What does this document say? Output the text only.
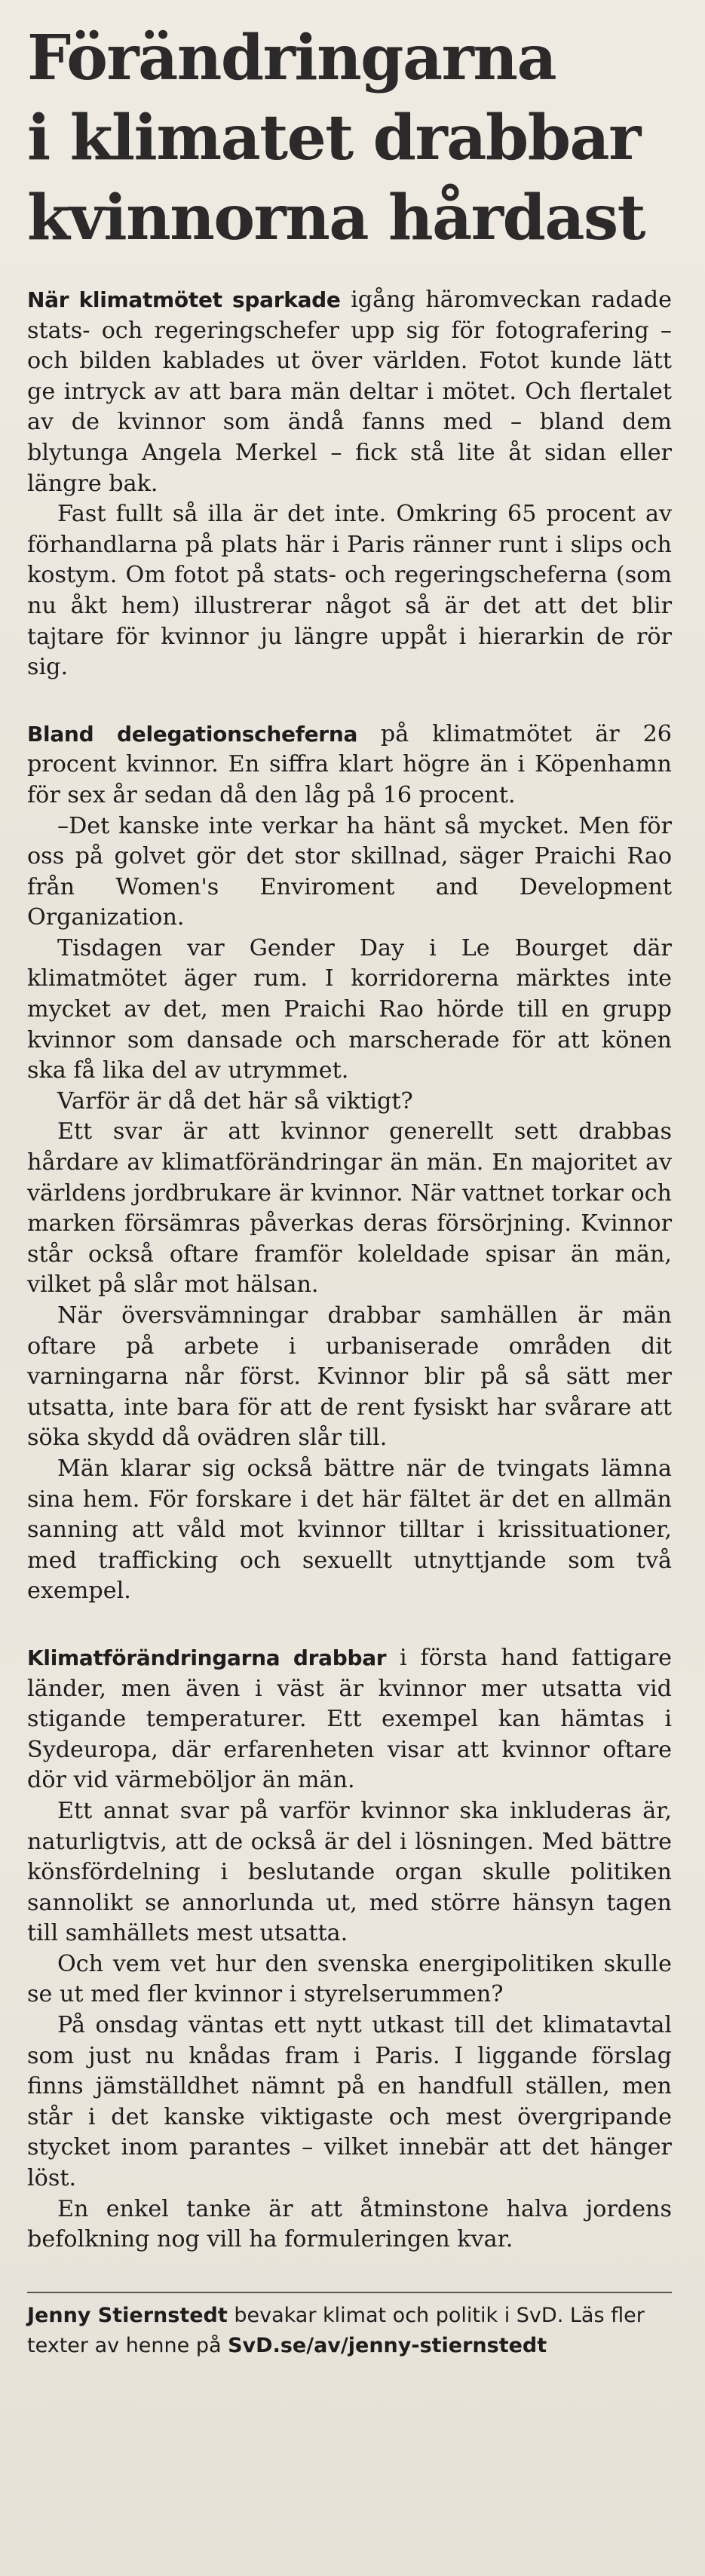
Förändringarna
i klimatet drabbar
kvinnorna hårdast

När klimatmötet sparkade igång häromveckan radade stats- och regeringschefer upp sig för fotografering – och bilden kablades ut över världen. Fotot kunde lätt ge intryck av att bara män deltar i mötet. Och flertalet av de kvinnor som ändå fanns med – bland dem blytunga Angela Merkel – fick stå lite åt sidan eller längre bak.

Fast fullt så illa är det inte. Omkring 65 procent av förhandlarna på plats här i Paris ränner runt i slips och kostym. Om fotot på stats- och regeringscheferna (som nu åkt hem) illustrerar något så är det att det blir tajtare för kvinnor ju längre uppåt i hierarkin de rör sig.

Bland delegationscheferna på klimatmötet är 26 procent kvinnor. En siffra klart högre än i Köpenhamn för sex år sedan då den låg på 16 procent.

–Det kanske inte verkar ha hänt så mycket. Men för oss på golvet gör det stor skillnad, säger Praichi Rao från Women's Enviroment and Development Organization.

Tisdagen var Gender Day i Le Bourget där klimatmötet äger rum. I korridorerna märktes inte mycket av det, men Praichi Rao hörde till en grupp kvinnor som dansade och marscherade för att könen ska få lika del av utrymmet.

Varför är då det här så viktigt?

Ett svar är att kvinnor generellt sett drabbas hårdare av klimatförändringar än män. En majoritet av världens jordbrukare är kvinnor. När vattnet torkar och marken försämras påverkas deras försörjning. Kvinnor står också oftare framför koleldade spisar än män, vilket på slår mot hälsan.

När översvämningar drabbar samhällen är män oftare på arbete i urbaniserade områden dit varningarna når först. Kvinnor blir på så sätt mer utsatta, inte bara för att de rent fysiskt har svårare att söka skydd då ovädren slår till.

Män klarar sig också bättre när de tvingats lämna sina hem. För forskare i det här fältet är det en allmän sanning att våld mot kvinnor tilltar i krissituationer, med trafficking och sexuellt utnyttjande som två exempel.

Klimatförändringarna drabbar i första hand fattigare länder, men även i väst är kvinnor mer utsatta vid stigande temperaturer. Ett exempel kan hämtas i Sydeuropa, där erfarenheten visar att kvinnor oftare dör vid värmeböljor än män.

Ett annat svar på varför kvinnor ska inkluderas är, naturligtvis, att de också är del i lösningen. Med bättre könsfördelning i beslutande organ skulle politiken sannolikt se annorlunda ut, med större hänsyn tagen till samhällets mest utsatta.

Och vem vet hur den svenska energipolitiken skulle se ut med fler kvinnor i styrelserummen?

På onsdag väntas ett nytt utkast till det klimatavtal som just nu knådas fram i Paris. I liggande förslag finns jämställdhet nämnt på en handfull ställen, men står i det kanske viktigaste och mest övergripande stycket inom parantes – vilket innebär att det hänger löst.

En enkel tanke är att åtminstone halva jordens befolkning nog vill ha formuleringen kvar.

Jenny Stiernstedt bevakar klimat och politik i SvD. Läs fler texter av henne på SvD.se/av/jenny-stiernstedt
